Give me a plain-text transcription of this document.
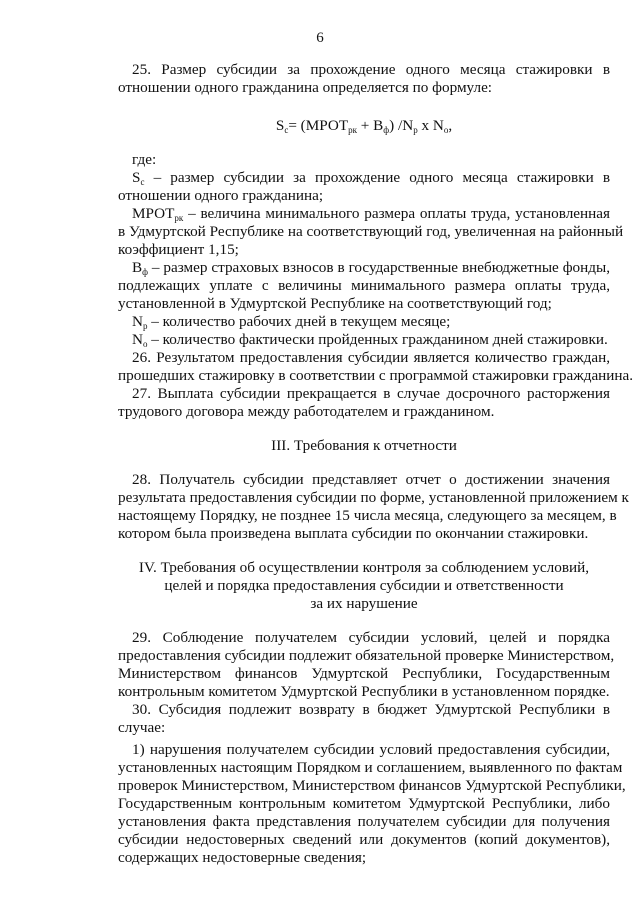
6
25. Размер субсидии за прохождение одного месяца стажировки в
отношении одного гражданина определяется по формуле:
$S_с=$ $(МРОТ_{рк} + В_ф)$ $/N_р$ x $N_о$,
где:
$S_с$ – размер субсидии за прохождение одного месяца стажировки в
отношении одного гражданина;
$МРОТ_{рк}$ – величина минимального размера оплаты труда, установленная
в Удмуртской Республике на соответствующий год, увеличенная на районный
коэффициент 1,15;
$В_ф$ – размер страховых взносов в государственные внебюджетные фонды,
подлежащих уплате с величины минимального размера оплаты труда,
установленной в Удмуртской Республике на соответствующий год;
$N_р$ – количество рабочих дней в текущем месяце;
$N_о$ – количество фактически пройденных гражданином дней стажировки.
26. Результатом предоставления субсидии является количество граждан,
прошедших стажировку в соответствии с программой стажировки гражданина.
27. Выплата субсидии прекращается в случае досрочного расторжения
трудового договора между работодателем и гражданином.
III. Требования к отчетности
28. Получатель субсидии представляет отчет о достижении значения
результата предоставления субсидии по форме, установленной приложением к
настоящему Порядку, не позднее 15 числа месяца, следующего за месяцем, в
котором была произведена выплата субсидии по окончании стажировки.
IV. Требования об осуществлении контроля за соблюдением условий,
целей и порядка предоставления субсидии и ответственности
за их нарушение
29. Соблюдение получателем субсидии условий, целей и порядка
предоставления субсидии подлежит обязательной проверке Министерством,
Министерством финансов Удмуртской Республики, Государственным
контрольным комитетом Удмуртской Республики в установленном порядке.
30. Субсидия подлежит возврату в бюджет Удмуртской Республики в
случае:
1) нарушения получателем субсидии условий предоставления субсидии,
установленных настоящим Порядком и соглашением, выявленного по фактам
проверок Министерством, Министерством финансов Удмуртской Республики,
Государственным контрольным комитетом Удмуртской Республики, либо
установления факта представления получателем субсидии для получения
субсидии недостоверных сведений или документов (копий документов),
содержащих недостоверные сведения;
